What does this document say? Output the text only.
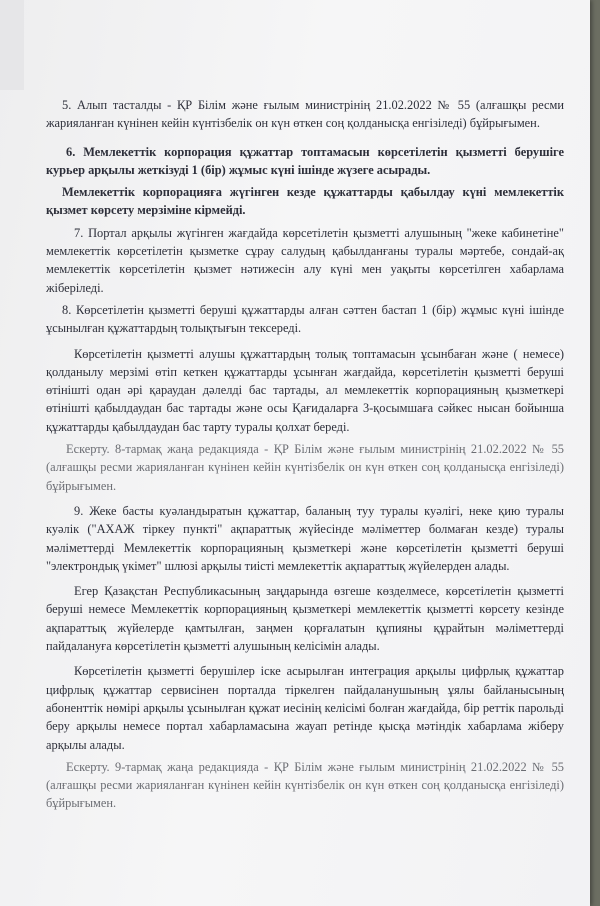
5. Алып тасталды - ҚР Білім және ғылым министрінің 21.02.2022 № 55 (алғашқы ресми жарияланған күнінен кейін күнтізбелік он күн өткен соң қолданысқа енгізіледі) бұйрығымен.

6. Мемлекеттік корпорация құжаттар топтамасын көрсетілетін қызметті берушіге курьер арқылы жеткізуді 1 (бір) жұмыс күні ішінде жүзеге асырады.

Мемлекеттік корпорацияға жүгінген кезде құжаттарды қабылдау күні мемлекеттік қызмет көрсету мерзіміне кірмейді.

7. Портал арқылы жүгінген жағдайда көрсетілетін қызметті алушының "жеке кабинетіне" мемлекеттік көрсетілетін қызметке сұрау салудың қабылданғаны туралы мәртебе, сондай-ақ мемлекеттік көрсетілетін қызмет нәтижесін алу күні мен уақыты көрсетілген хабарлама жіберіледі.

8. Көрсетілетін қызметті беруші құжаттарды алған сәттен бастап 1 (бір) жұмыс күні ішінде ұсынылған құжаттардың толықтығын тексереді.

Көрсетілетін қызметті алушы құжаттардың толық топтамасын ұсынбаған және ( немесе) қолданылу мерзімі өтіп кеткен құжаттарды ұсынған жағдайда, көрсетілетін қызметті беруші өтінішті одан әрі қараудан дәлелді бас тартады, ал мемлекеттік корпорацияның қызметкері өтінішті қабылдаудан бас тартады және осы Қағидаларға 3-қосымшаға сәйкес нысан бойынша құжаттарды қабылдаудан бас тарту туралы қолхат береді.

Ескерту. 8-тармақ жаңа редакцияда - ҚР Білім және ғылым министрінің 21.02.2022 № 55 (алғашқы ресми жарияланған күнінен кейін күнтізбелік он күн өткен соң қолданысқа енгізіледі) бұйрығымен.

9. Жеке басты куәландыратын құжаттар, баланың туу туралы куәлігі, неке қию туралы куәлік ("АХАЖ тіркеу пункті" ақпараттық жүйесінде мәліметтер болмаған кезде) туралы мәліметтерді Мемлекеттік корпорацияның қызметкері және көрсетілетін қызметті беруші "электрондық үкімет" шлюзі арқылы тиісті мемлекеттік ақпараттық жүйелерден алады.

Егер Қазақстан Республикасының заңдарында өзгеше көзделмесе, көрсетілетін қызметті беруші немесе Мемлекеттік корпорацияның қызметкері мемлекеттік қызметті көрсету кезінде ақпараттық жүйелерде қамтылған, заңмен қорғалатын құпияны құрайтын мәліметтерді пайдалануға көрсетілетін қызметті алушының келісімін алады.

Көрсетілетін қызметті берушілер іске асырылған интеграция арқылы цифрлық құжаттар цифрлық құжаттар сервисінен порталда тіркелген пайдаланушының ұялы байланысының абоненттік нөмірі арқылы ұсынылған құжат иесінің келісімі болған жағдайда, бір реттік парольді беру арқылы немесе портал хабарламасына жауап ретінде қысқа мәтіндік хабарлама жіберу арқылы алады.

Ескерту. 9-тармақ жаңа редакцияда - ҚР Білім және ғылым министрінің 21.02.2022 № 55 (алғашқы ресми жарияланған күнінен кейін күнтізбелік он күн өткен соң қолданысқа енгізіледі) бұйрығымен.
